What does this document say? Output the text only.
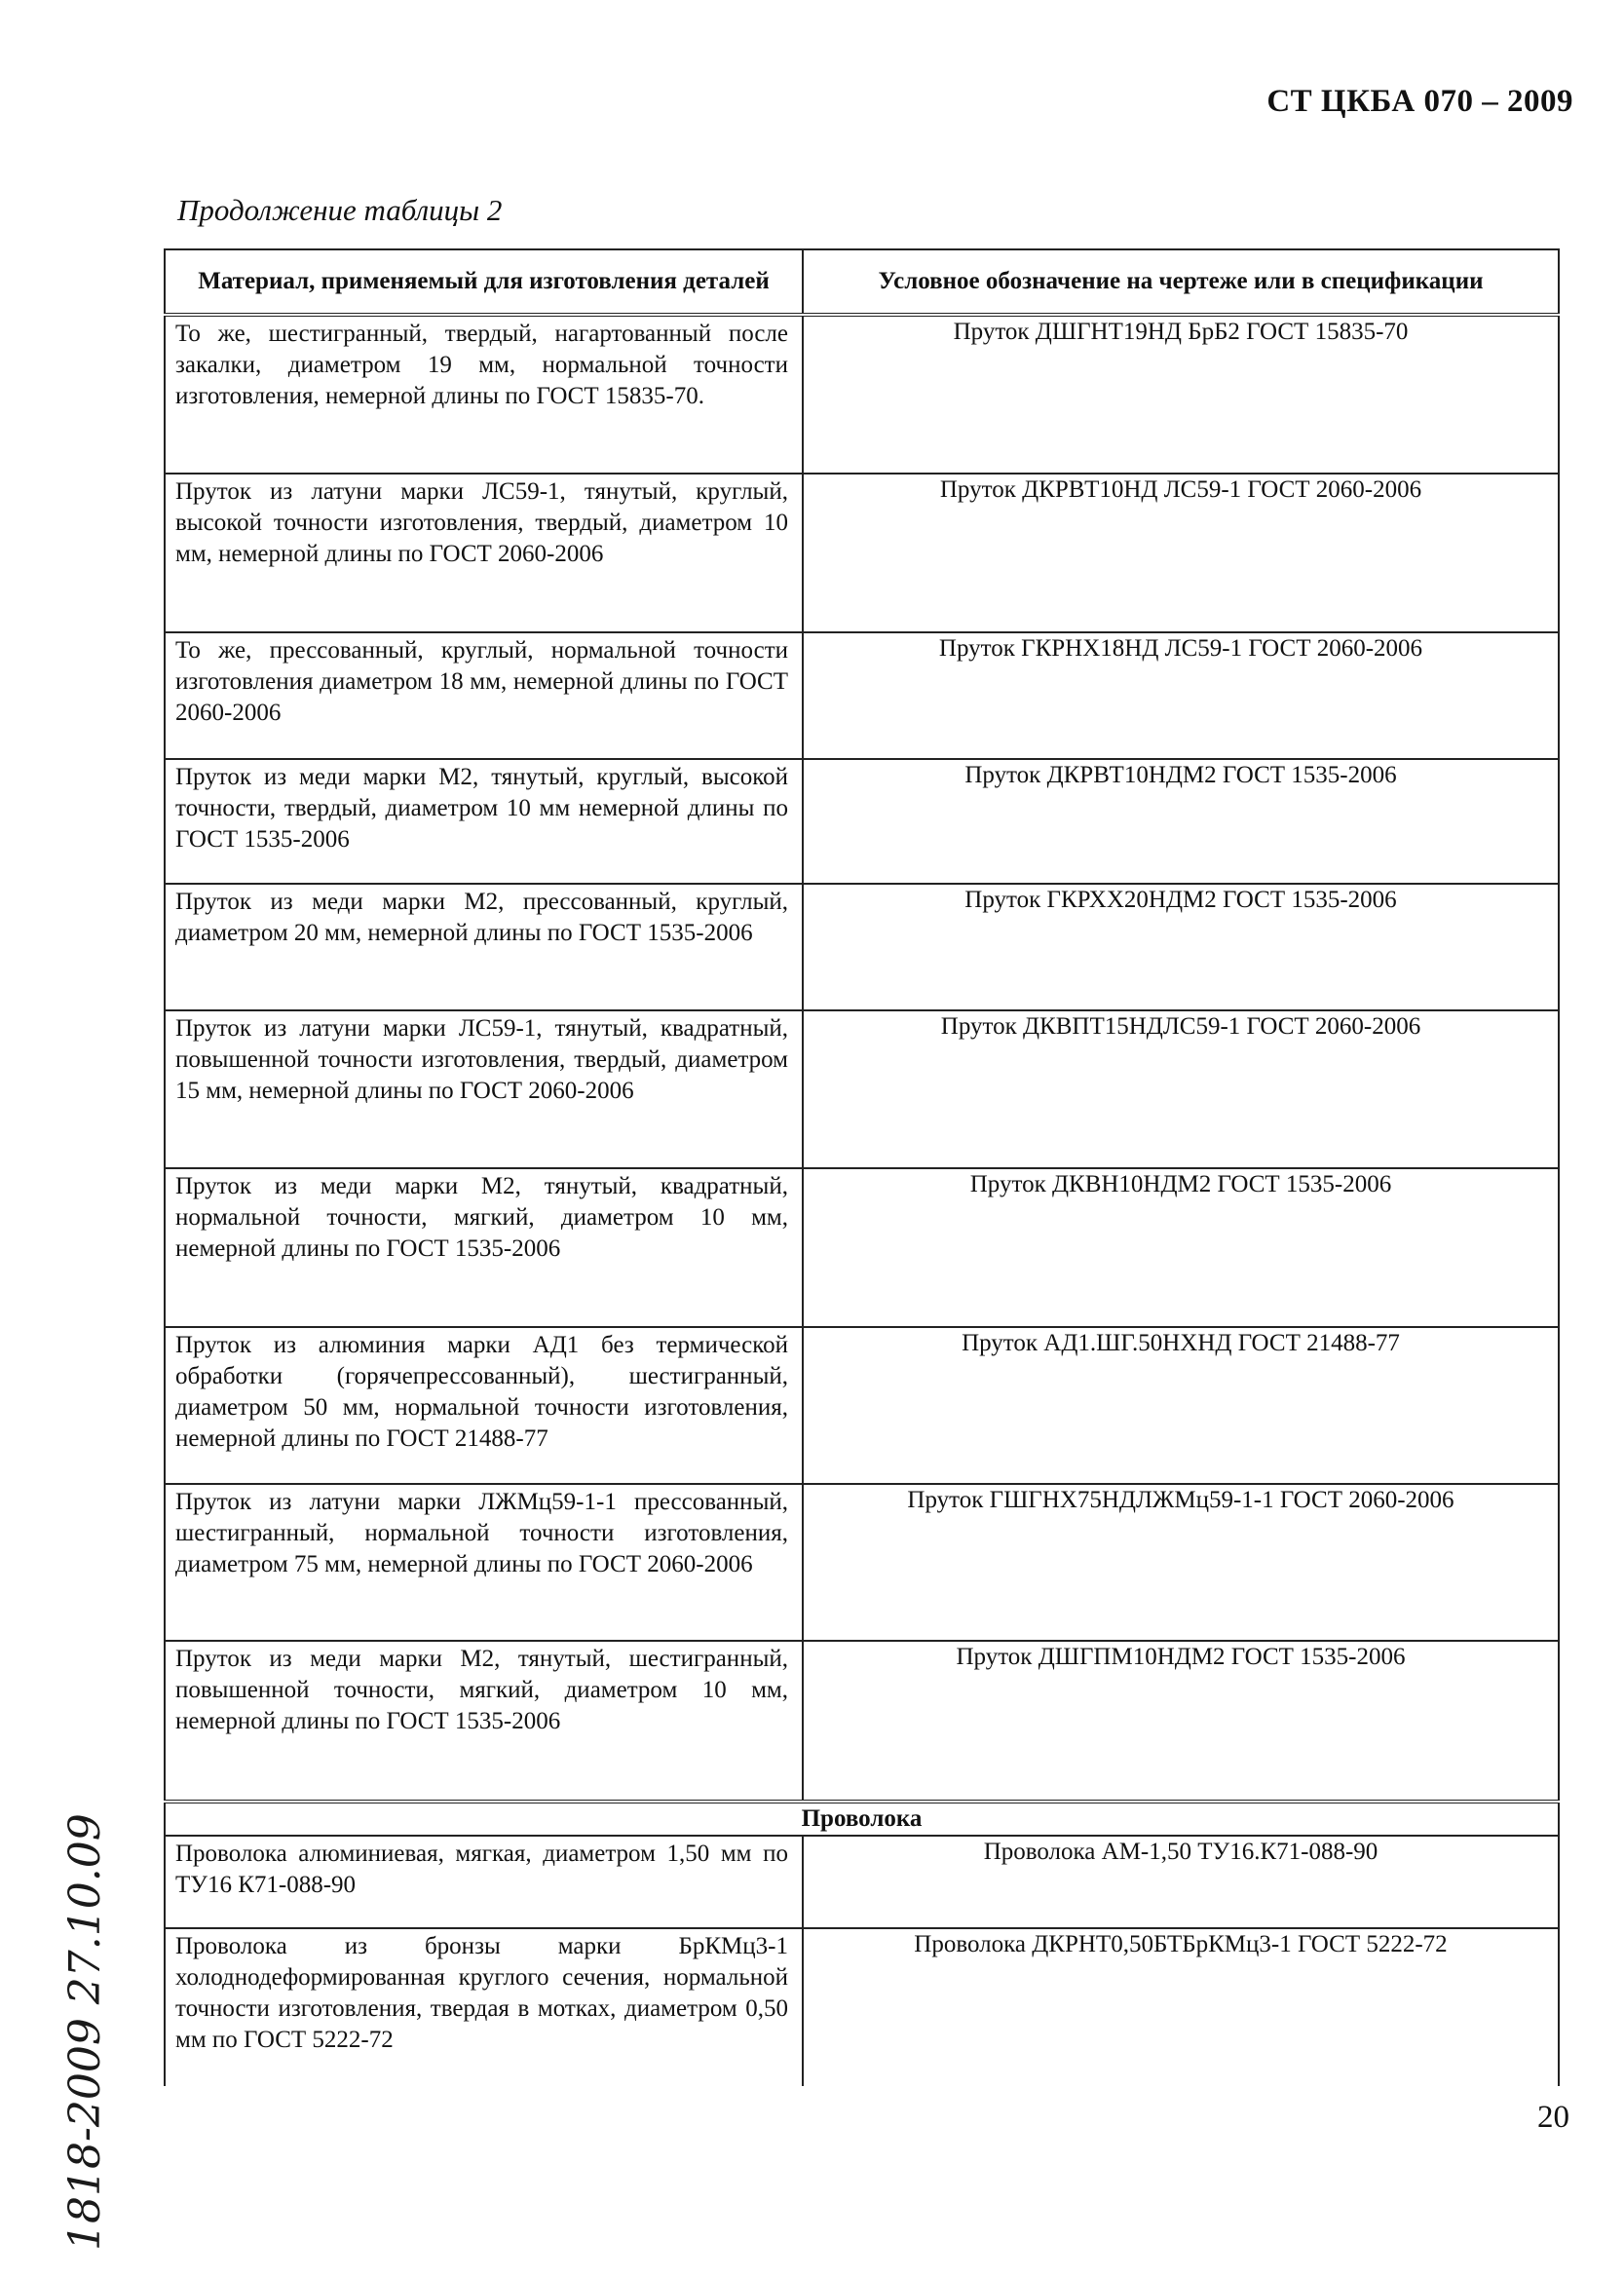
СТ ЦКБА 070 – 2009
Продолжение таблицы 2
Материал, применяемый для изготовления деталей	Условное обозначение на чертеже или в спецификации
То же, шестигранный, твердый, нагартованный после закалки, диаметром 19 мм, нормальной точности изготовления, немерной длины по ГОСТ 15835-70.	Пруток ДШГНТ19НД БрБ2 ГОСТ 15835-70
Пруток из латуни марки ЛС59-1, тянутый, круглый, высокой точности изготовления, твердый, диаметром 10 мм, немерной длины по ГОСТ 2060-2006	Пруток ДКРВТ10НД ЛС59-1 ГОСТ 2060-2006
То же, прессованный, круглый, нормальной точности изготовления диаметром 18 мм, немерной длины по ГОСТ 2060-2006	Пруток ГКРНХ18НД ЛС59-1 ГОСТ 2060-2006
Пруток из меди марки М2, тянутый, круглый, высокой точности, твердый, диаметром 10 мм немерной длины по ГОСТ 1535-2006	Пруток ДКРВТ10НДМ2 ГОСТ 1535-2006
Пруток из меди марки М2, прессованный, круглый, диаметром 20 мм, немерной длины по ГОСТ 1535-2006	Пруток ГКРХХ20НДМ2 ГОСТ 1535-2006
Пруток из латуни марки ЛС59-1, тянутый, квадратный, повышенной точности изготовления, твердый, диаметром 15 мм, немерной длины по ГОСТ 2060-2006	Пруток ДКВПТ15НДЛС59-1 ГОСТ 2060-2006
Пруток из меди марки М2, тянутый, квадратный, нормальной точности, мягкий, диаметром 10 мм, немерной длины по ГОСТ 1535-2006	Пруток ДКВН10НДМ2 ГОСТ 1535-2006
Пруток из алюминия марки АД1 без термической обработки (горячепрессованный), шестигранный, диаметром 50 мм, нормальной точности изготовления, немерной длины по ГОСТ 21488-77	Пруток АД1.ШГ.50НХНД ГОСТ 21488-77
Пруток из латуни марки ЛЖМц59-1-1 прессованный, шестигранный, нормальной точности изготовления, диаметром 75 мм, немерной длины по ГОСТ 2060-2006	Пруток ГШГНХ75НДЛЖМц59-1-1 ГОСТ 2060-2006
Пруток из меди марки М2, тянутый, шестигранный, повышенной точности, мягкий, диаметром 10 мм, немерной длины по ГОСТ 1535-2006	Пруток ДШГПМ10НДМ2 ГОСТ 1535-2006
Проволока	
Проволока алюминиевая, мягкая, диаметром 1,50 мм по ТУ16 К71-088-90	Проволока АМ-1,50 ТУ16.К71-088-90
Проволока из бронзы марки БрКМц3-1 холоднодеформированная круглого сечения, нормальной точности изготовления, твердая в мотках, диаметром 0,50 мм по ГОСТ 5222-72	Проволока ДКРНТ0,50БТБрКМц3-1 ГОСТ 5222-72
1818-2009 27.10.09	20
